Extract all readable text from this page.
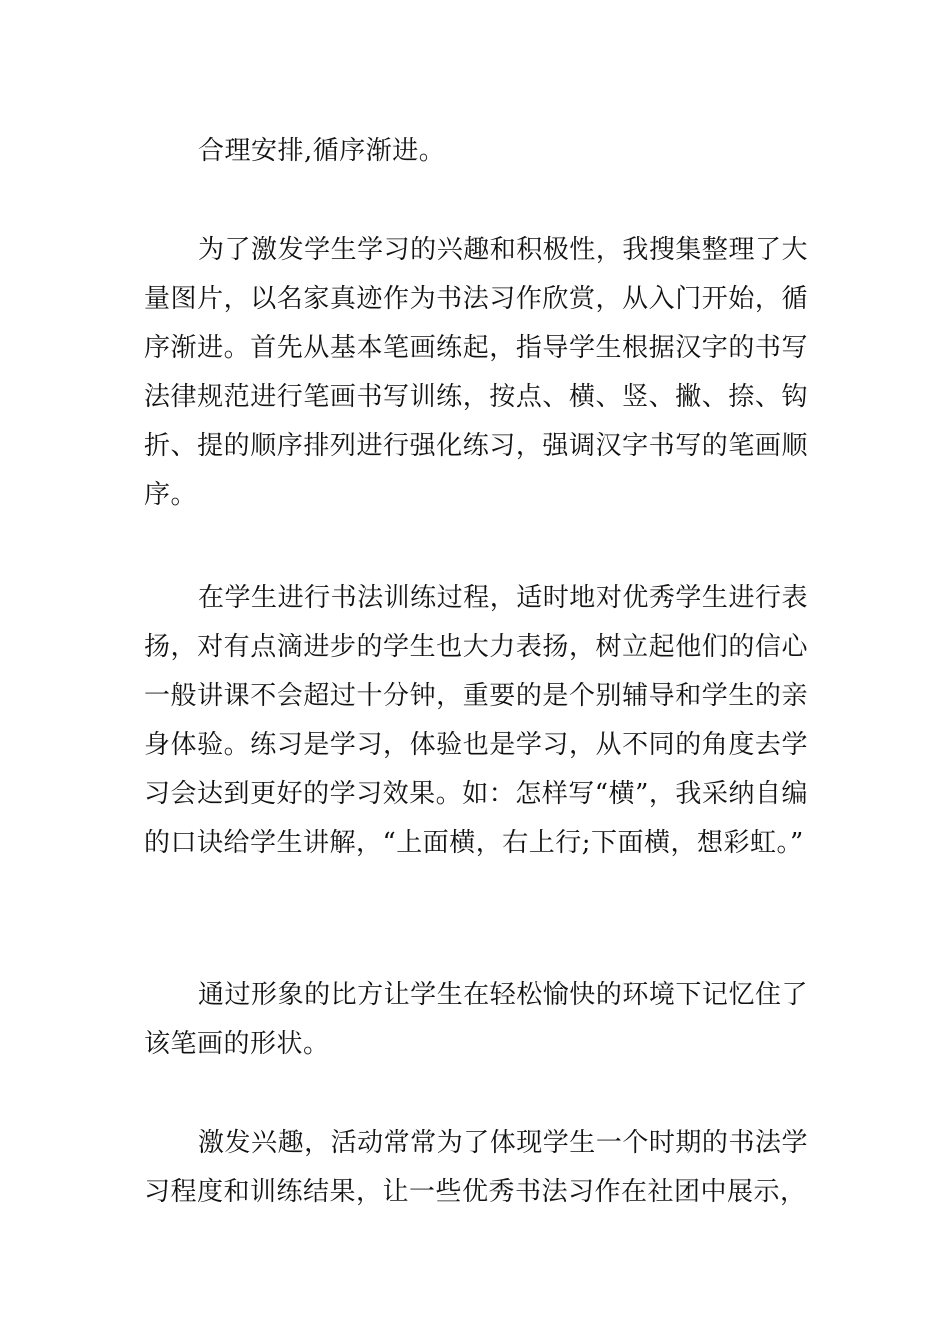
合理安排,循序渐进。

为了激发学生学习的兴趣和积极性，我搜集整理了大量图片，以名家真迹作为书法习作欣赏，从入门开始，循序渐进。首先从基本笔画练起，指导学生根据汉字的书写法律规范进行笔画书写训练，按点、横、竖、撇、捺、钩折、提的顺序排列进行强化练习，强调汉字书写的笔画顺序。

在学生进行书法训练过程，适时地对优秀学生进行表扬，对有点滴进步的学生也大力表扬，树立起他们的信心一般讲课不会超过十分钟，重要的是个别辅导和学生的亲身体验。练习是学习，体验也是学习，从不同的角度去学习会达到更好的学习效果。如：怎样写“横”，我采纳自编的口诀给学生讲解，“上面横，右上行;下面横，想彩虹。”

通过形象的比方让学生在轻松愉快的环境下记忆住了该笔画的形状。

激发兴趣，活动常常为了体现学生一个时期的书法学习程度和训练结果，让一些优秀书法习作在社团中展示，
